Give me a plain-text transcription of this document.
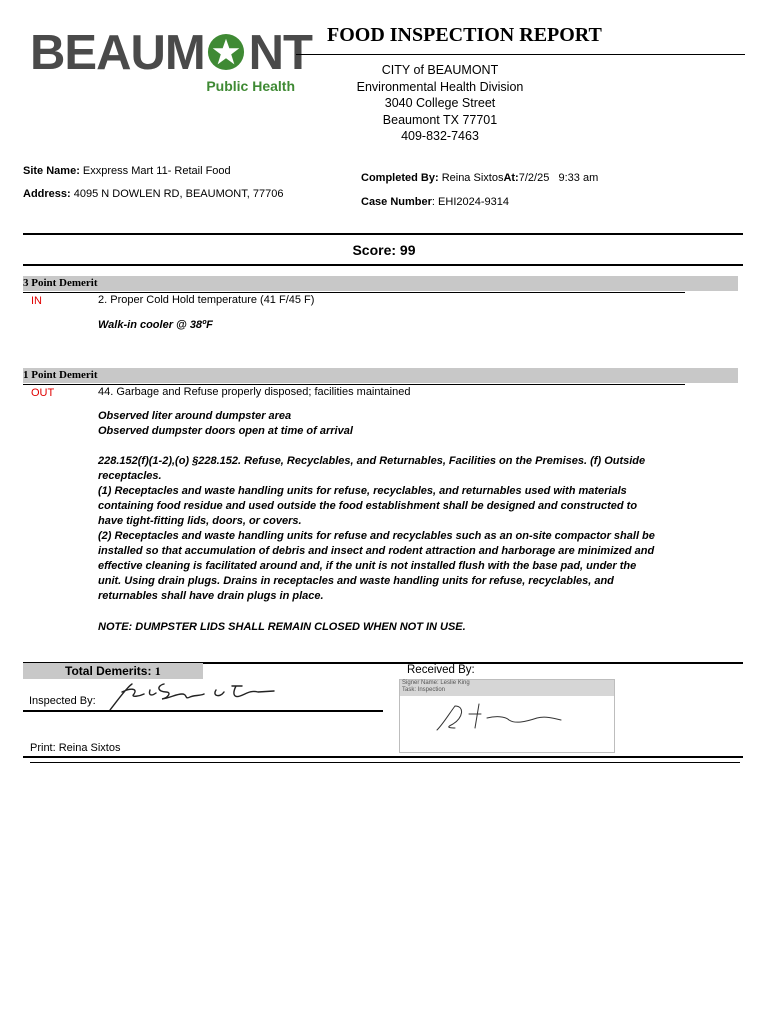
BEAUM NT
Public Health
FOOD INSPECTION REPORT
CITY of BEAUMONT
Environmental Health Division
3040 College Street
Beaumont TX 77701
409-832-7463
Site Name: Exxpress Mart 11- Retail Food
Address: 4095 N DOWLEN RD, BEAUMONT, 77706
Completed By: Reina SixtosAt:7/2/25   9:33 am
Case Number: EHI2024-9314
Score: 99
3 Point Demerit
IN	2. Proper Cold Hold temperature (41 F/45 F)
Walk-in cooler @ 38ºF
1 Point Demerit
OUT	44. Garbage and Refuse properly disposed; facilities maintained
Observed liter around dumpster area
Observed dumpster doors open at time of arrival
228.152(f)(1-2),(o) §228.152. Refuse, Recyclables, and Returnables, Facilities on the Premises. (f) Outside receptacles.
(1) Receptacles and waste handling units for refuse, recyclables, and returnables used with materials containing food residue and used outside the food establishment shall be designed and constructed to have tight-fitting lids, doors, or covers.
(2) Receptacles and waste handling units for refuse and recyclables such as an on-site compactor shall be installed so that accumulation of debris and insect and rodent attraction and harborage are minimized and effective cleaning is facilitated around and, if the unit is not installed flush with the base pad, under the unit. Using drain plugs. Drains in receptacles and waste handling units for refuse, recyclables, and returnables shall have drain plugs in place.
NOTE: DUMPSTER LIDS SHALL REMAIN CLOSED WHEN NOT IN USE.
Total Demerits: 1	Received By:
Inspected By:
Signer Name: Leslie King
Task: Inspection
Print: Reina Sixtos
